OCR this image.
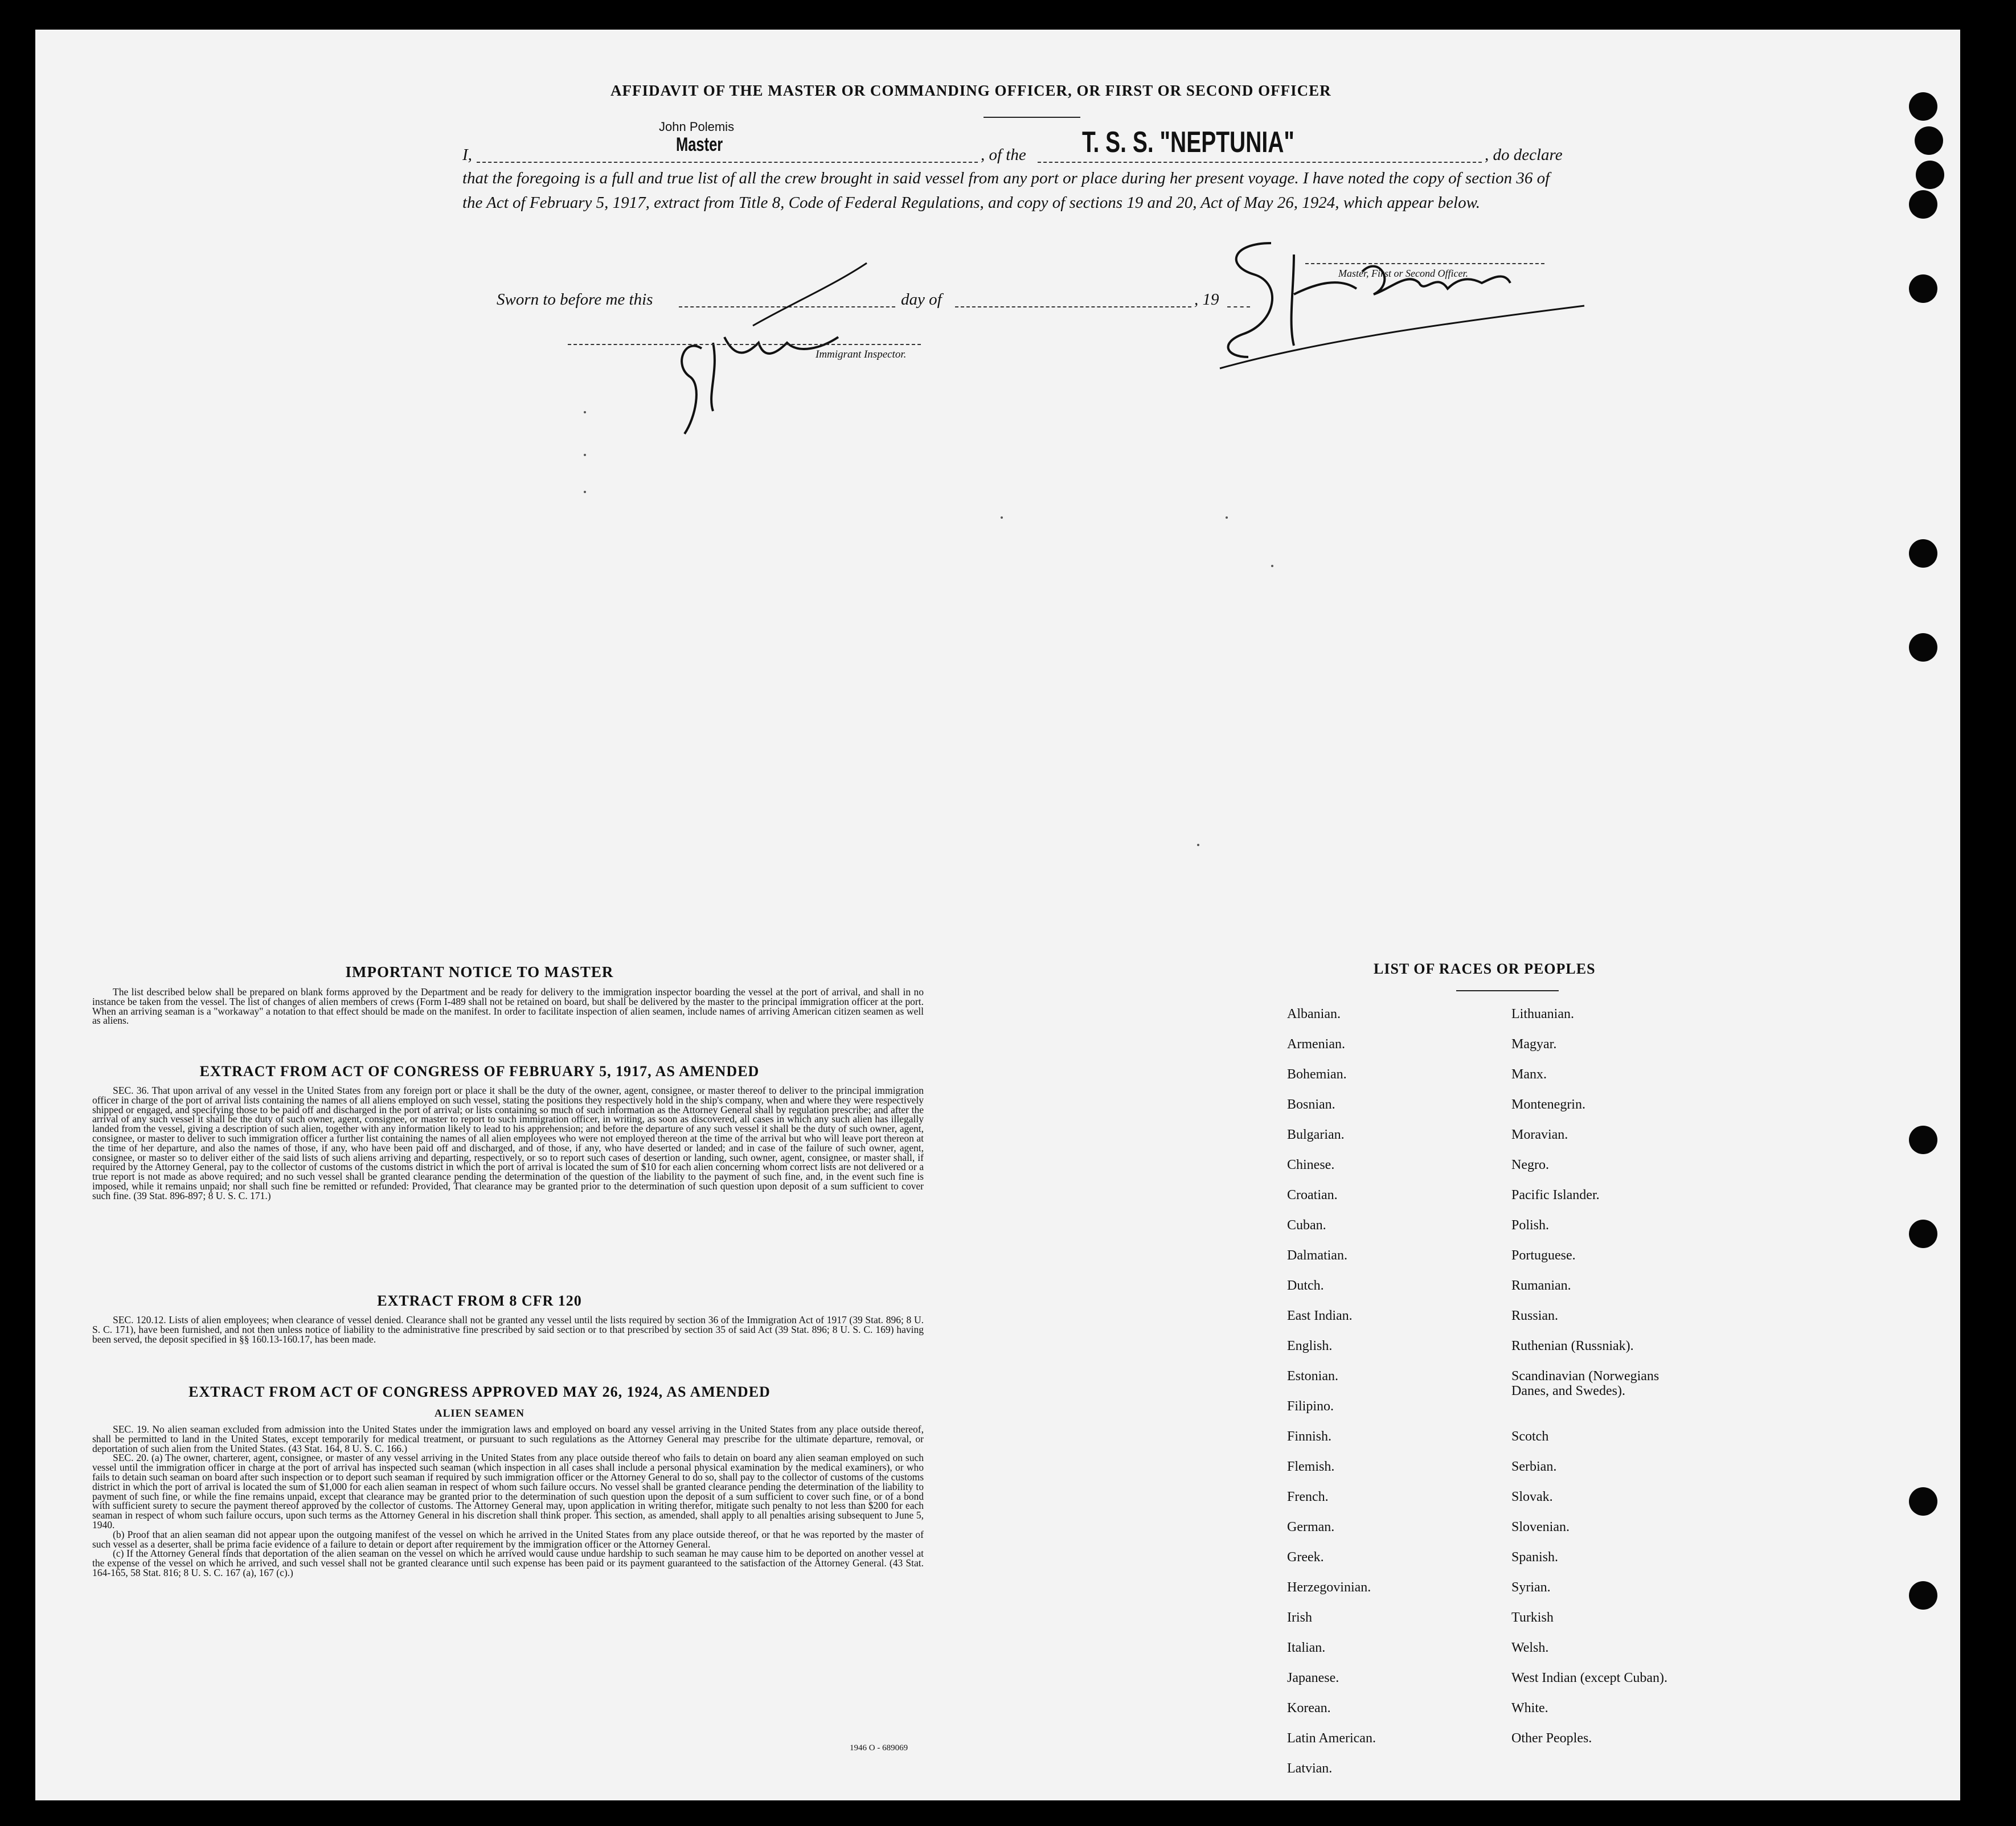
AFFIDAVIT OF THE MASTER OR COMMANDING OFFICER, OR FIRST OR SECOND OFFICER
John Polemis
Master	T. S. S. "NEPTUNIA"
I,	, of the	, do declare
that the foregoing is a full and true list of all the crew brought in said vessel from any port or place during her present voyage. I have noted the copy of section 36 of the Act of February 5, 1917, extract from Title 8, Code of Federal Regulations, and copy of sections 19 and 20, Act of May 26, 1924, which appear below.
Master, First or Second Officer.
Sworn to before me this	day of	, 19
Immigrant Inspector.
IMPORTANT NOTICE TO MASTER
The list described below shall be prepared on blank forms approved by the Department and be ready for delivery to the immigration inspector boarding the vessel at the port of arrival, and shall in no instance be taken from the vessel. The list of changes of alien members of crews (Form I-489 shall not be retained on board, but shall be delivered by the master to the principal immigration officer at the port. When an arriving seaman is a "workaway" a notation to that effect should be made on the manifest. In order to facilitate inspection of alien seamen, include names of arriving American citizen seamen as well as aliens.
EXTRACT FROM ACT OF CONGRESS OF FEBRUARY 5, 1917, AS AMENDED
SEC. 36. That upon arrival of any vessel in the United States from any foreign port or place it shall be the duty of the owner, agent, consignee, or master thereof to deliver to the principal immigration officer in charge of the port of arrival lists containing the names of all aliens employed on such vessel, stating the positions they respectively hold in the ship's company, when and where they were respectively shipped or engaged, and specifying those to be paid off and discharged in the port of arrival; or lists containing so much of such information as the Attorney General shall by regulation prescribe; and after the arrival of any such vessel it shall be the duty of such owner, agent, consignee, or master to report to such immigration officer, in writing, as soon as discovered, all cases in which any such alien has illegally landed from the vessel, giving a description of such alien, together with any information likely to lead to his apprehension; and before the departure of any such vessel it shall be the duty of such owner, agent, consignee, or master to deliver to such immigration officer a further list containing the names of all alien employees who were not employed thereon at the time of the arrival but who will leave port thereon at the time of her departure, and also the names of those, if any, who have been paid off and discharged, and of those, if any, who have deserted or landed; and in case of the failure of such owner, agent, consignee, or master so to deliver either of the said lists of such aliens arriving and departing, respectively, or so to report such cases of desertion or landing, such owner, agent, consignee, or master shall, if required by the Attorney General, pay to the collector of customs of the customs district in which the port of arrival is located the sum of $10 for each alien concerning whom correct lists are not delivered or a true report is not made as above required; and no such vessel shall be granted clearance pending the determination of the question of the liability to the payment of such fine, and, in the event such fine is imposed, while it remains unpaid; nor shall such fine be remitted or refunded: Provided, That clearance may be granted prior to the determination of such question upon deposit of a sum sufficient to cover such fine. (39 Stat. 896-897; 8 U. S. C. 171.)
EXTRACT FROM 8 CFR 120
SEC. 120.12. Lists of alien employees; when clearance of vessel denied. Clearance shall not be granted any vessel until the lists required by section 36 of the Immigration Act of 1917 (39 Stat. 896; 8 U. S. C. 171), have been furnished, and not then unless notice of liability to the administrative fine prescribed by said section or to that prescribed by section 35 of said Act (39 Stat. 896; 8 U. S. C. 169) having been served, the deposit specified in §§ 160.13-160.17, has been made.
EXTRACT FROM ACT OF CONGRESS APPROVED MAY 26, 1924, AS AMENDED
ALIEN SEAMEN
SEC. 19. No alien seaman excluded from admission into the United States under the immigration laws and employed on board any vessel arriving in the United States from any place outside thereof, shall be permitted to land in the United States, except temporarily for medical treatment, or pursuant to such regulations as the Attorney General may prescribe for the ultimate departure, removal, or deportation of such alien from the United States. (43 Stat. 164, 8 U. S. C. 166.)
SEC. 20. (a) The owner, charterer, agent, consignee, or master of any vessel arriving in the United States from any place outside thereof who fails to detain on board any alien seaman employed on such vessel until the immigration officer in charge at the port of arrival has inspected such seaman (which inspection in all cases shall include a personal physical examination by the medical examiners), or who fails to detain such seaman on board after such inspection or to deport such seaman if required by such immigration officer or the Attorney General to do so, shall pay to the collector of customs of the customs district in which the port of arrival is located the sum of $1,000 for each alien seaman in respect of whom such failure occurs. No vessel shall be granted clearance pending the determination of the liability to payment of such fine, or while the fine remains unpaid, except that clearance may be granted prior to the determination of such question upon the deposit of a sum sufficient to cover such fine, or of a bond with sufficient surety to secure the payment thereof approved by the collector of customs. The Attorney General may, upon application in writing therefor, mitigate such penalty to not less than $200 for each seaman in respect of whom such failure occurs, upon such terms as the Attorney General in his discretion shall think proper. This section, as amended, shall apply to all penalties arising subsequent to June 5, 1940.
(b) Proof that an alien seaman did not appear upon the outgoing manifest of the vessel on which he arrived in the United States from any place outside thereof, or that he was reported by the master of such vessel as a deserter, shall be prima facie evidence of a failure to detain or deport after requirement by the immigration officer or the Attorney General.
(c) If the Attorney General finds that deportation of the alien seaman on the vessel on which he arrived would cause undue hardship to such seaman he may cause him to be deported on another vessel at the expense of the vessel on which he arrived, and such vessel shall not be granted clearance until such expense has been paid or its payment guaranteed to the satisfaction of the Attorney General. (43 Stat. 164-165, 58 Stat. 816; 8 U. S. C. 167 (a), 167 (c).)
1946 O - 689069
LIST OF RACES OR PEOPLES
Albanian.
Armenian.
Bohemian.
Bosnian.
Bulgarian.
Chinese.
Croatian.
Cuban.
Dalmatian.
Dutch.
East Indian.
English.
Estonian.
Filipino.
Finnish.
Flemish.
French.
German.
Greek.
Herzegovinian.
Irish
Italian.
Japanese.
Korean.
Latin American.
Latvian.
Lithuanian.
Magyar.
Manx.
Montenegrin.
Moravian.
Negro.
Pacific Islander.
Polish.
Portuguese.
Rumanian.
Russian.
Ruthenian (Russniak).
Scandinavian (Norwegians
Danes, and Swedes).
Scotch
Serbian.
Slovak.
Slovenian.
Spanish.
Syrian.
Turkish
Welsh.
West Indian (except Cuban).
White.
Other Peoples.
